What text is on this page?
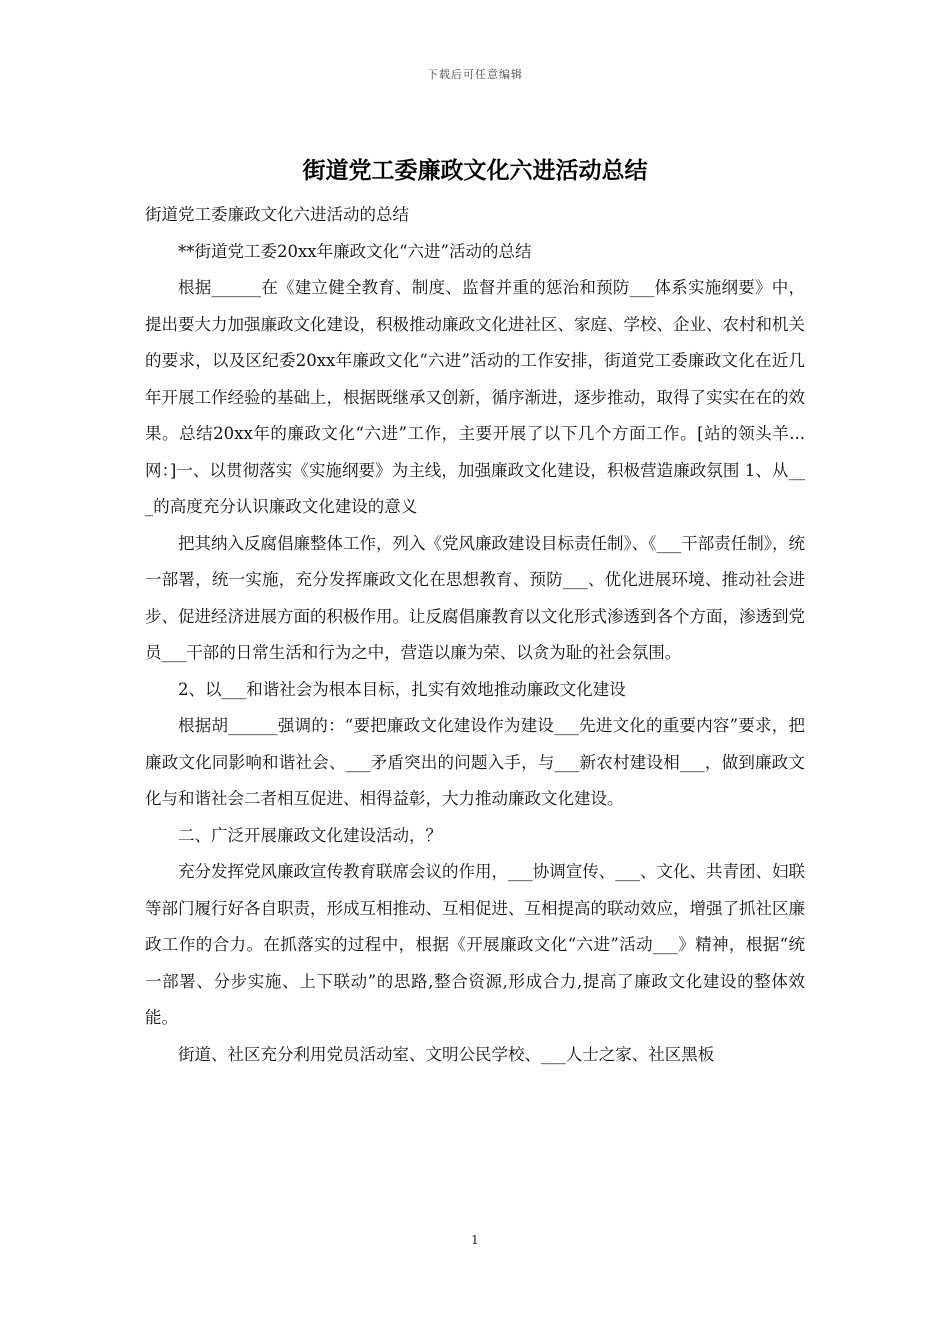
下载后可任意编辑
街道党工委廉政文化六进活动总结

街道党工委廉政文化六进活动的总结

**街道党工委20xx年廉政文化“六进”活动的总结

根据______在《建立健全教育、制度、监督并重的惩治和预防___体系实施纲要》中，提出要大力加强廉政文化建设，积极推动廉政文化进社区、家庭、学校、企业、农村和机关的要求，以及区纪委20xx年廉政文化“六进”活动的工作安排，街道党工委廉政文化在近几年开展工作经验的基础上，根据既继承又创新，循序渐进，逐步推动，取得了实实在在的效果。总结20xx年的廉政文化“六进”工作，主要开展了以下几个方面工作。[站的领头羊...网：]一、以贯彻落实《实施纲要》为主线，加强廉政文化建设，积极营造廉政氛围 1、从___的高度充分认识廉政文化建设的意义

把其纳入反腐倡廉整体工作，列入《党风廉政建设目标责任制》、《___干部责任制》，统一部署，统一实施，充分发挥廉政文化在思想教育、预防___、优化进展环境、推动社会进步、促进经济进展方面的积极作用。让反腐倡廉教育以文化形式渗透到各个方面，渗透到党员___干部的日常生活和行为之中，营造以廉为荣、以贪为耻的社会氛围。

2、以___和谐社会为根本目标，扎实有效地推动廉政文化建设

根据胡______强调的：“要把廉政文化建设作为建设___先进文化的重要内容”要求，把廉政文化同影响和谐社会、___矛盾突出的问题入手，与___新农村建设相___，做到廉政文化与和谐社会二者相互促进、相得益彰，大力推动廉政文化建设。

二、广泛开展廉政文化建设活动，？

充分发挥党风廉政宣传教育联席会议的作用，___协调宣传、___、文化、共青团、妇联等部门履行好各自职责，形成互相推动、互相促进、互相提高的联动效应，增强了抓社区廉政工作的合力。在抓落实的过程中，根据《开展廉政文化“六进”活动___》精神，根据“统一部署、分步实施、上下联动”的思路,整合资源,形成合力,提高了廉政文化建设的整体效能。

街道、社区充分利用党员活动室、文明公民学校、___人士之家、社区黑板

1
